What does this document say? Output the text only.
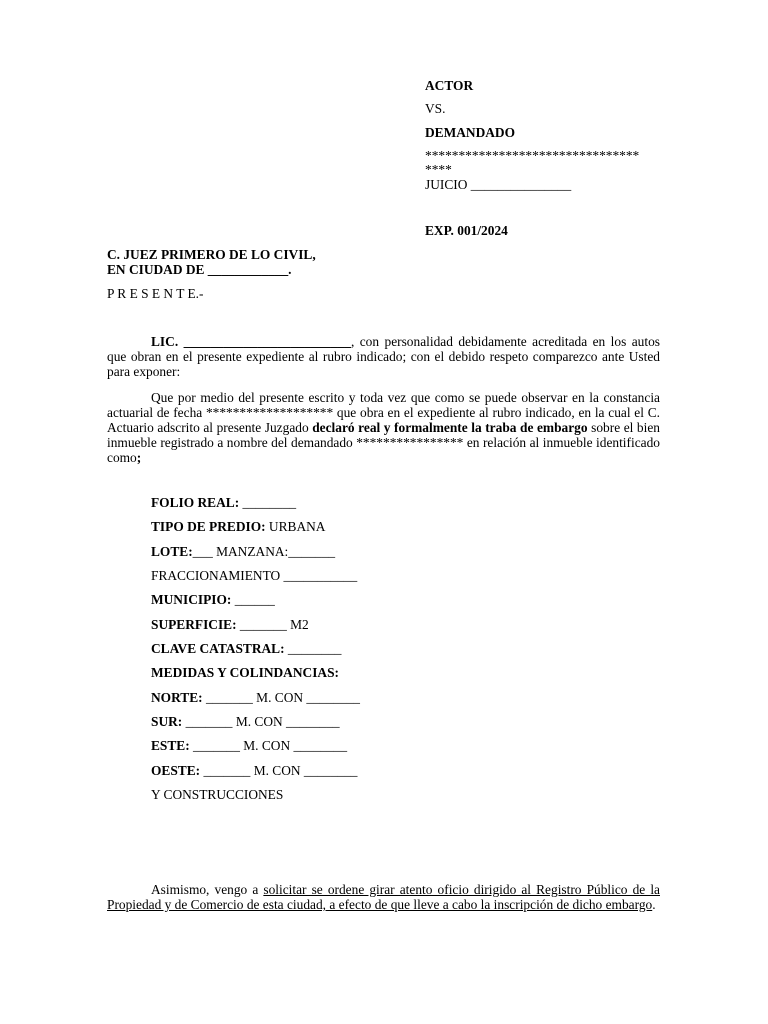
ACTOR
VS.
DEMANDADO
********************************
****
JUICIO _______________
EXP. 001/2024
C. JUEZ PRIMERO DE LO CIVIL,
EN CIUDAD DE ____________.
P R E S E N T E.-

LIC. _________________________, con personalidad debidamente acreditada en los autos que obran en el presente expediente al rubro indicado; con el debido respeto comparezco ante Usted para exponer:

Que por medio del presente escrito y toda vez que como se puede observar en la constancia actuarial de fecha ******************* que obra en el expediente al rubro indicado, en la cual el C. Actuario adscrito al presente Juzgado declaró real y formalmente la traba de embargo sobre el bien inmueble registrado a nombre del demandado **************** en relación al inmueble identificado como;

FOLIO REAL: ________
TIPO DE PREDIO: URBANA
LOTE:___ MANZANA:_______
FRACCIONAMIENTO ___________
MUNICIPIO: ______
SUPERFICIE: _______ M2
CLAVE CATASTRAL: ________
MEDIDAS Y COLINDANCIAS:
NORTE: _______ M. CON ________
SUR: _______ M. CON ________
ESTE: _______ M. CON ________
OESTE: _______ M. CON ________
Y CONSTRUCCIONES

Asimismo, vengo a solicitar se ordene girar atento oficio dirigido al Registro Público de la Propiedad y de Comercio de esta ciudad, a efecto de que lleve a cabo la inscripción de dicho embargo.
